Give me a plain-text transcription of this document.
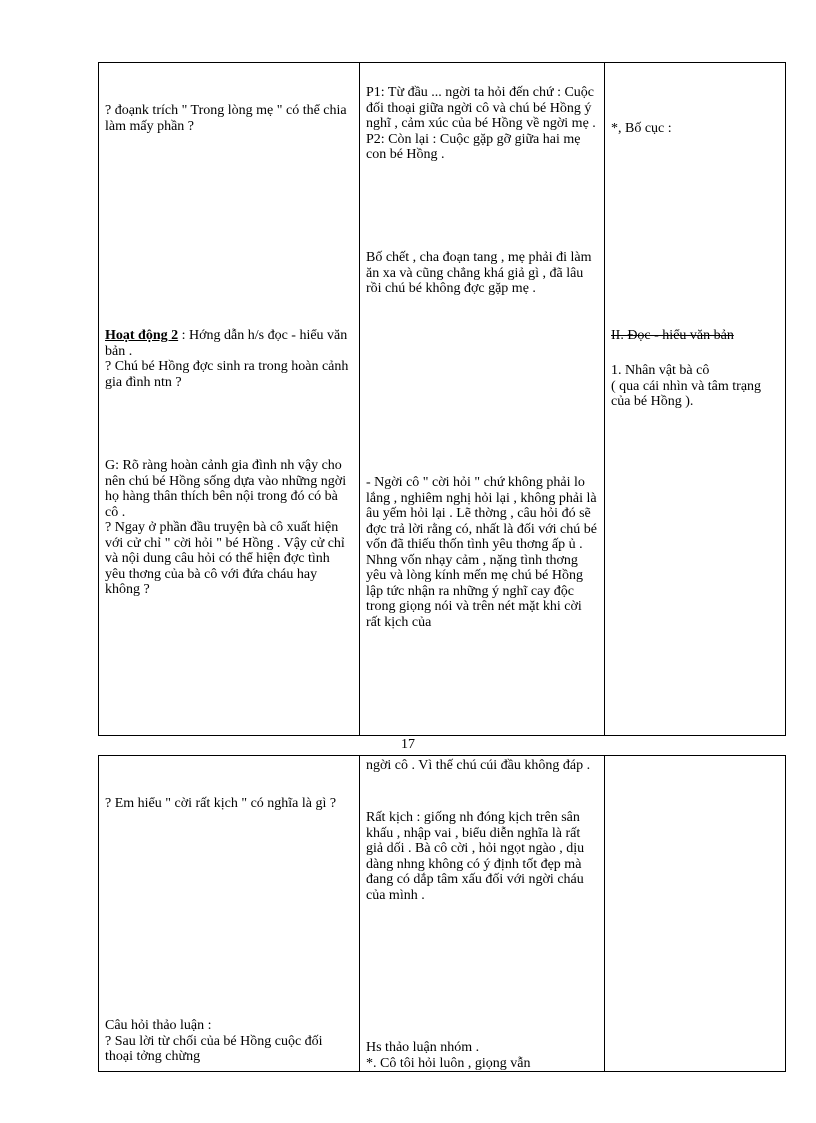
? đoạnk trích " Trong lòng mẹ " có thể chia làm mấy phần ?
Hoạt động 2 : Hớng dẫn h/s đọc - hiểu văn bản .
? Chú bé Hồng đợc sinh ra trong hoàn cảnh gia đình ntn ?
G: Rõ ràng hoàn cảnh gia đình nh vậy cho nên chú bé Hồng sống dựa vào những ngời họ hàng thân thích bên nội trong đó có bà cô .
? Ngay ở phần đầu truyện bà cô xuất hiện với cử chỉ " cời hỏi " bé Hồng . Vậy cử chỉ và nội dung câu hỏi có thể hiện đợc tình yêu thơng của bà cô với đứa cháu hay không ?
P1: Từ đầu ... ngời ta hỏi đến chứ : Cuộc đối thoại giữa ngời cô và chú bé Hồng ý nghĩ , cảm xúc của bé Hồng về ngời mẹ .
P2: Còn lại : Cuộc gặp gỡ giữa hai mẹ con bé Hồng .
Bố chết , cha đoạn tang , mẹ phải đi làm ăn xa và cũng chẳng khá giả gì , đã lâu rồi chú bé không đợc gặp mẹ .
- Ngời cô " cời hỏi " chứ không phải lo lắng , nghiêm nghị hỏi lại , không phải là âu yếm hỏi lại . Lẽ thờng , câu hỏi đó sẽ đợc trả lời rằng có, nhất là đối với chú bé vốn đã thiếu thốn tình yêu thơng ấp ủ . Nhng vốn nhạy cảm , nặng tình thơng yêu và lòng kính mến mẹ chú bé Hồng lập tức nhận ra những ý nghĩ cay độc trong giọng nói và trên nét mặt khi cời rất kịch của
*, Bố cục :
II. Đọc - hiểu văn bản
1. Nhân vật bà cô
( qua cái nhìn và tâm trạng của bé Hồng ).
17
? Em hiểu " cời rất kịch " có nghĩa là gì ?
Câu hỏi thảo luận :
? Sau lời từ chối của bé Hồng cuộc đối thoại tởng chừng
ngời cô . Vì thế chú cúi đầu không đáp .
Rất kịch : giống nh đóng kịch trên sân khấu , nhập vai , biểu diễn nghĩa là rất giả dối . Bà cô cời , hỏi ngọt ngào , dịu dàng nhng không có ý định tốt đẹp mà đang có dắp tâm xấu đối với ngời cháu của mình .
Hs thảo luận nhóm .
*. Cô tôi hỏi luôn , giọng vẫn
